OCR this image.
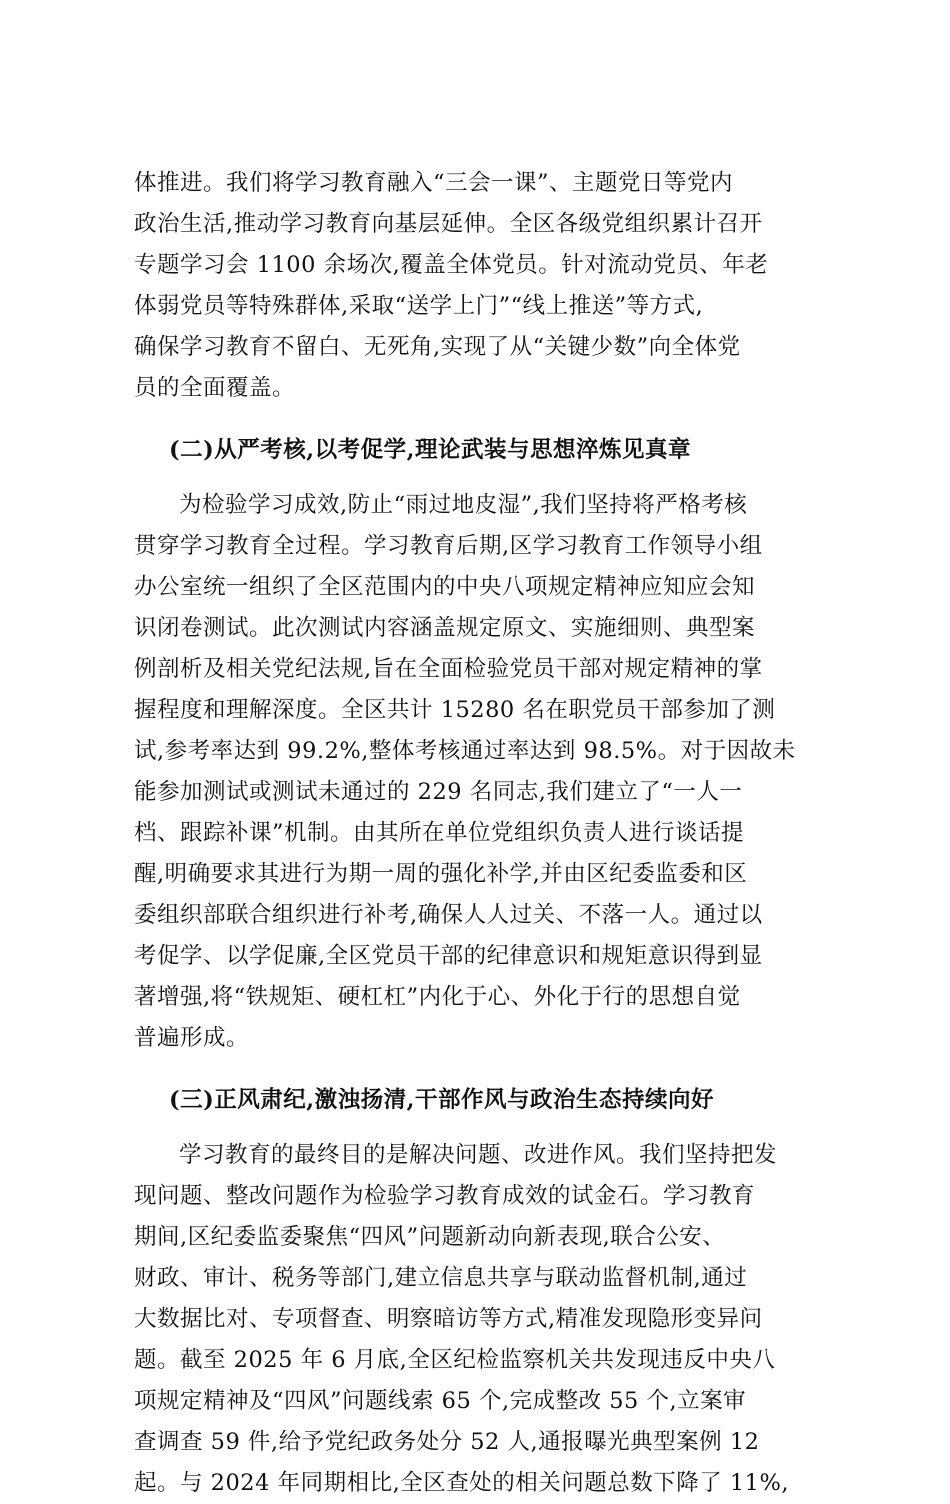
体推进。我们将学习教育融入“三会一课”、主题党日等党内
政治生活,推动学习教育向基层延伸。全区各级党组织累计召开
专题学习会 1100 余场次,覆盖全体党员。针对流动党员、年老
体弱党员等特殊群体,采取“送学上门”“线上推送”等方式,
确保学习教育不留白、无死角,实现了从“关键少数”向全体党
员的全面覆盖。
(二)从严考核,以考促学,理论武装与思想淬炼见真章
为检验学习成效,防止“雨过地皮湿”,我们坚持将严格考核
贯穿学习教育全过程。学习教育后期,区学习教育工作领导小组
办公室统一组织了全区范围内的中央八项规定精神应知应会知
识闭卷测试。此次测试内容涵盖规定原文、实施细则、典型案
例剖析及相关党纪法规,旨在全面检验党员干部对规定精神的掌
握程度和理解深度。全区共计 15280 名在职党员干部参加了测
试,参考率达到 99.2%,整体考核通过率达到 98.5%。对于因故未
能参加测试或测试未通过的 229 名同志,我们建立了“一人一
档、跟踪补课”机制。由其所在单位党组织负责人进行谈话提
醒,明确要求其进行为期一周的强化补学,并由区纪委监委和区
委组织部联合组织进行补考,确保人人过关、不落一人。通过以
考促学、以学促廉,全区党员干部的纪律意识和规矩意识得到显
著增强,将“铁规矩、硬杠杠”内化于心、外化于行的思想自觉
普遍形成。
(三)正风肃纪,激浊扬清,干部作风与政治生态持续向好
学习教育的最终目的是解决问题、改进作风。我们坚持把发
现问题、整改问题作为检验学习教育成效的试金石。学习教育
期间,区纪委监委聚焦“四风”问题新动向新表现,联合公安、
财政、审计、税务等部门,建立信息共享与联动监督机制,通过
大数据比对、专项督查、明察暗访等方式,精准发现隐形变异问
题。截至 2025 年 6 月底,全区纪检监察机关共发现违反中央八
项规定精神及“四风”问题线索 65 个,完成整改 55 个,立案审
查调查 59 件,给予党纪政务处分 52 人,通报曝光典型案例 12
起。与 2024 年同期相比,全区查处的相关问题总数下降了 11%,
